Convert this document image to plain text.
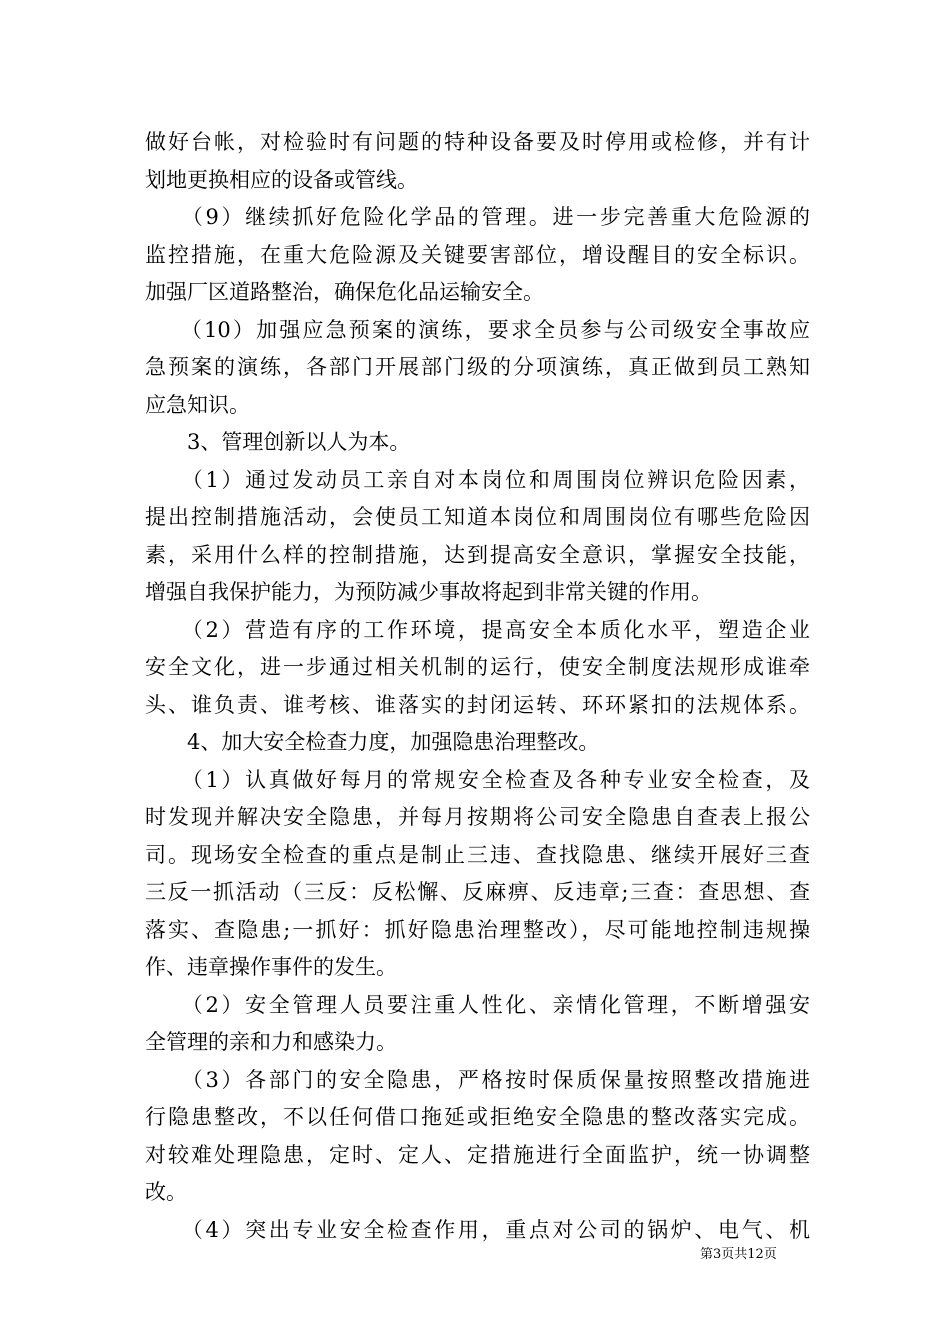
做好台帐，对检验时有问题的特种设备要及时停用或检修，并有计
划地更换相应的设备或管线。
　　（9）继续抓好危险化学品的管理。进一步完善重大危险源的
监控措施，在重大危险源及关键要害部位，增设醒目的安全标识。
加强厂区道路整治，确保危化品运输安全。
　　（10）加强应急预案的演练，要求全员参与公司级安全事故应
急预案的演练，各部门开展部门级的分项演练，真正做到员工熟知
应急知识。
　　3、管理创新以人为本。
　　（1）通过发动员工亲自对本岗位和周围岗位辨识危险因素，
提出控制措施活动，会使员工知道本岗位和周围岗位有哪些危险因
素，采用什么样的控制措施，达到提高安全意识，掌握安全技能，
增强自我保护能力，为预防减少事故将起到非常关键的作用。
　　（2）营造有序的工作环境，提高安全本质化水平，塑造企业
安全文化，进一步通过相关机制的运行，使安全制度法规形成谁牵
头、谁负责、谁考核、谁落实的封闭运转、环环紧扣的法规体系。
　　4、加大安全检查力度，加强隐患治理整改。
　　（1）认真做好每月的常规安全检查及各种专业安全检查，及
时发现并解决安全隐患，并每月按期将公司安全隐患自查表上报公
司。现场安全检查的重点是制止三违、查找隐患、继续开展好三查
三反一抓活动（三反：反松懈、反麻痹、反违章;三查：查思想、查
落实、查隐患;一抓好：抓好隐患治理整改），尽可能地控制违规操
作、违章操作事件的发生。
　　（2）安全管理人员要注重人性化、亲情化管理，不断增强安
全管理的亲和力和感染力。
　　（3）各部门的安全隐患，严格按时保质保量按照整改措施进
行隐患整改，不以任何借口拖延或拒绝安全隐患的整改落实完成。
对较难处理隐患，定时、定人、定措施进行全面监护，统一协调整
改。
　　（4）突出专业安全检查作用，重点对公司的锅炉、电气、机
第3页共12页
